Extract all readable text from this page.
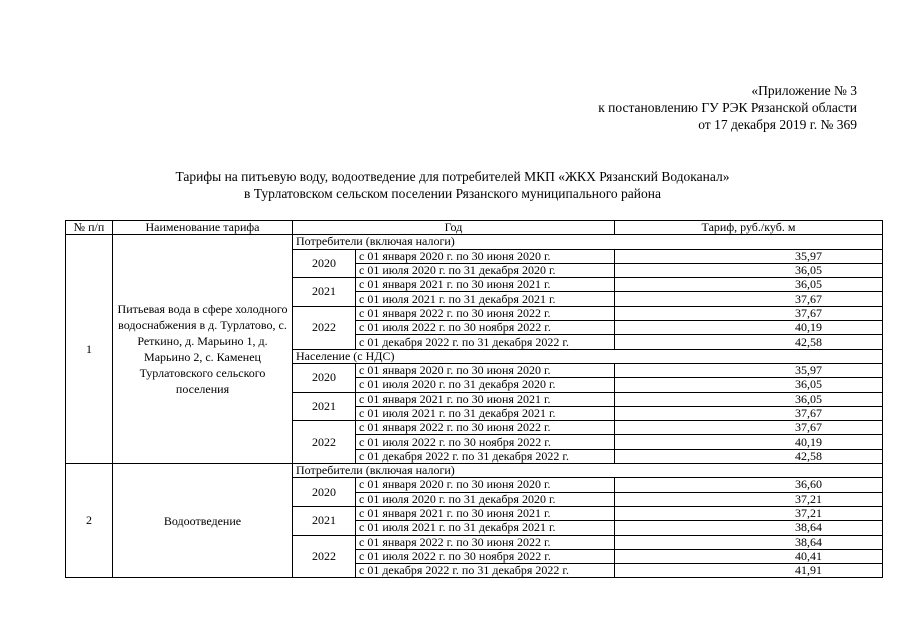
«Приложение № 3
к постановлению ГУ РЭК Рязанской области
от 17 декабря 2019 г. № 369
Тарифы на питьевую воду, водоотведение для потребителей МКП «ЖКХ Рязанский Водоканал»
в Турлатовском сельском поселении Рязанского муниципального района
№ п/п	Наименование тарифа	Год		Тариф, руб./куб. м
1	Питьевая вода в сфере холодного водоснабжения в д. Турлатово, с. Реткино, д. Марьино 1, д. Марьино 2, с. Каменец Турлатовского сельского поселения	Потребители (включая налоги)		
		2020	с 01 января 2020 г. по 30 июня 2020 г.	35,97
			с 01 июля 2020 г. по 31 декабря 2020 г.	36,05
		2021	с 01 января 2021 г. по 30 июня 2021 г.	36,05
			с 01 июля 2021 г. по 31 декабря 2021 г.	37,67
		2022	с 01 января 2022 г. по 30 июня 2022 г.	37,67
			с 01 июля 2022 г. по 30 ноября 2022 г.	40,19
			с 01 декабря 2022 г. по 31 декабря 2022 г.	42,58
		Население (с НДС)		
		2020	с 01 января 2020 г. по 30 июня 2020 г.	35,97
			с 01 июля 2020 г. по 31 декабря 2020 г.	36,05
		2021	с 01 января 2021 г. по 30 июня 2021 г.	36,05
			с 01 июля 2021 г. по 31 декабря 2021 г.	37,67
		2022	с 01 января 2022 г. по 30 июня 2022 г.	37,67
			с 01 июля 2022 г. по 30 ноября 2022 г.	40,19
			с 01 декабря 2022 г. по 31 декабря 2022 г.	42,58
2	Водоотведение	Потребители (включая налоги)		
		2020	с 01 января 2020 г. по 30 июня 2020 г.	36,60
			с 01 июля 2020 г. по 31 декабря 2020 г.	37,21
		2021	с 01 января 2021 г. по 30 июня 2021 г.	37,21
			с 01 июля 2021 г. по 31 декабря 2021 г.	38,64
		2022	с 01 января 2022 г. по 30 июня 2022 г.	38,64
			с 01 июля 2022 г. по 30 ноября 2022 г.	40,41
			с 01 декабря 2022 г. по 31 декабря 2022 г.	41,91
